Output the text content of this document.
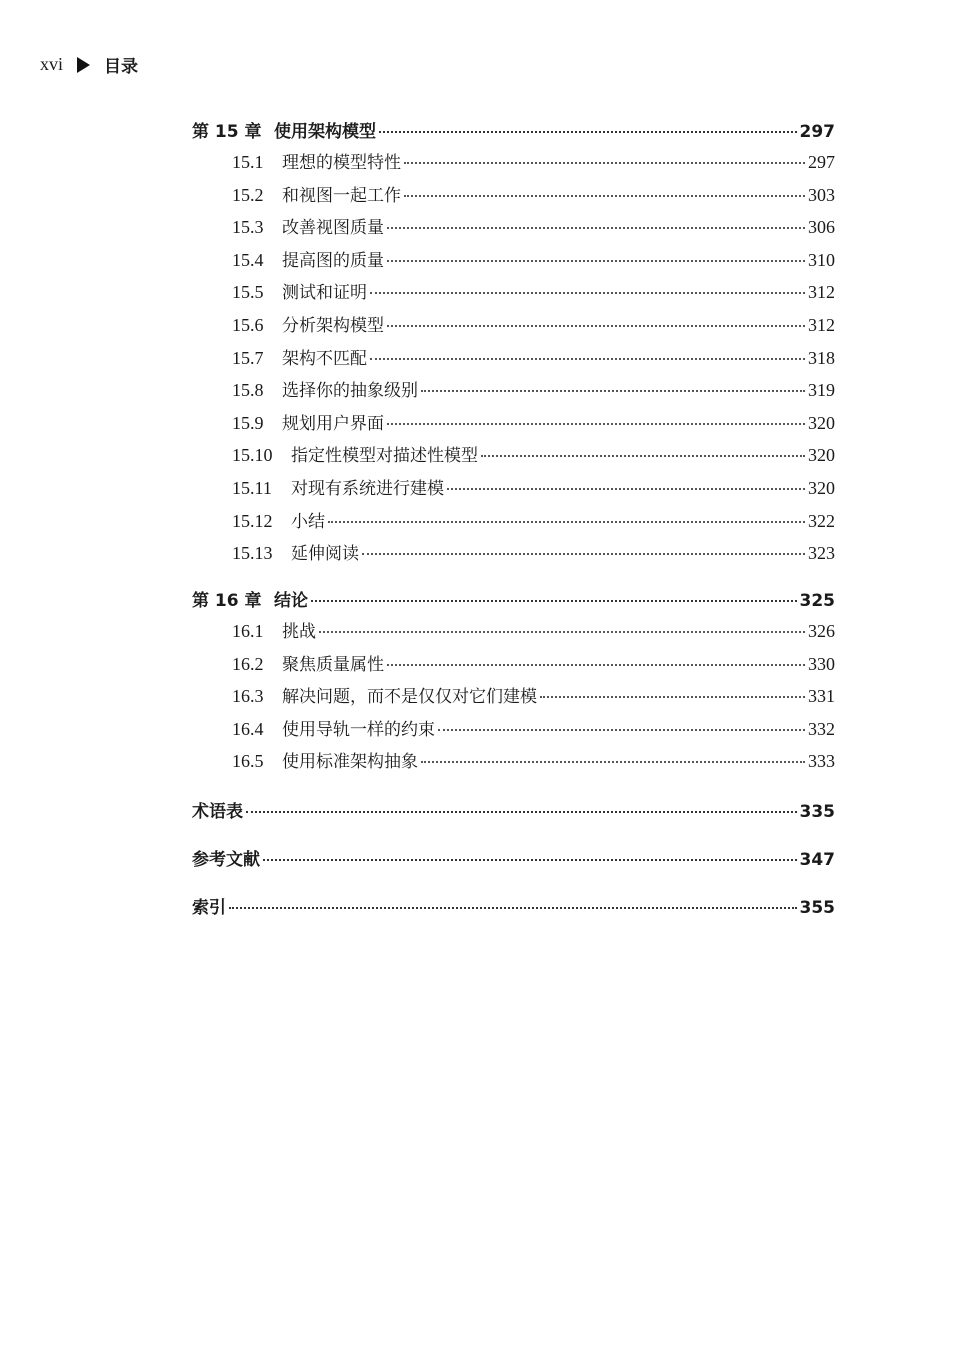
xvi 目录
第 15 章 使用架构模型	297
15.1	理想的模型特性	297
15.2	和视图一起工作	303
15.3	改善视图质量	306
15.4	提高图的质量	310
15.5	测试和证明	312
15.6	分析架构模型	312
15.7	架构不匹配	318
15.8	选择你的抽象级别	319
15.9	规划用户界面	320
15.10	指定性模型对描述性模型	320
15.11	对现有系统进行建模	320
15.12	小结	322
15.13	延伸阅读	323
第 16 章 结论	325
16.1	挑战	326
16.2	聚焦质量属性	330
16.3	解决问题，而不是仅仅对它们建模	331
16.4	使用导轨一样的约束	332
16.5	使用标准架构抽象	333
术语表	335
参考文献	347
索引	355
